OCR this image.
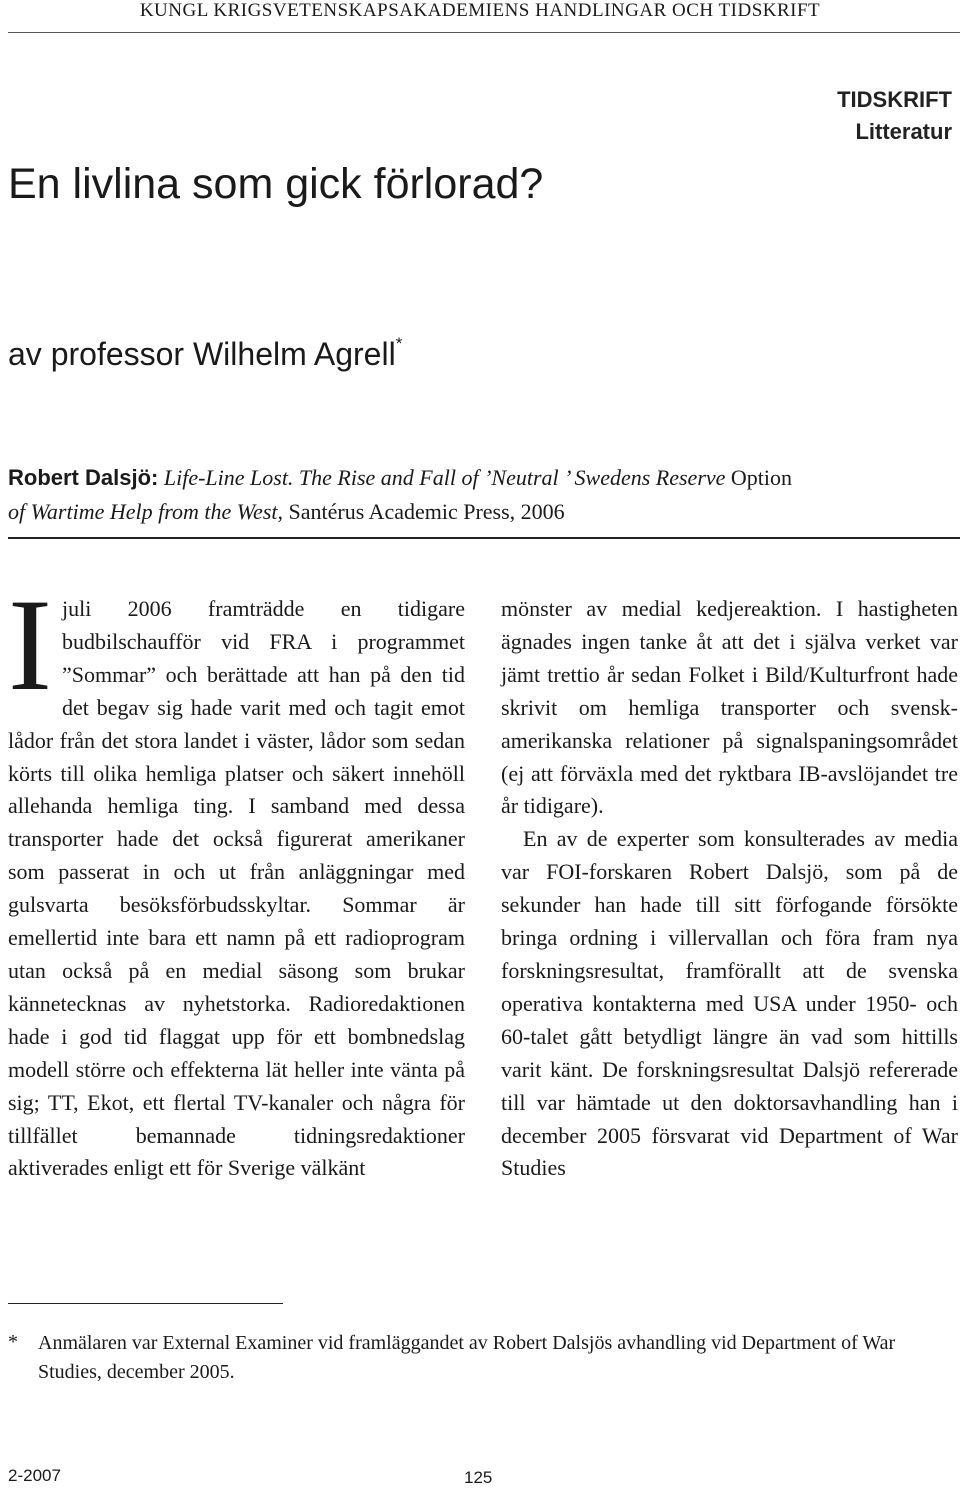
KUNGL KRIGSVETENSKAPSAKADEMIENS HANDLINGAR OCH TIDSKRIFT
TIDSKRIFT
Litteratur
En livlina som gick förlorad?
av professor Wilhelm Agrell*
Robert Dalsjö: Life-Line Lost. The Rise and Fall of ’Neutral ’ Swedens Reserve Option
of Wartime Help from the West, Santérus Academic Press, 2006
I juli 2006 framträdde en tidigare budbilschaufför vid FRA i programmet ”Sommar” och berättade att han på den tid det begav sig hade varit med och tagit emot lådor från det stora landet i väster, lådor som sedan körts till olika hemliga platser och säkert innehöll allehanda hemliga ting. I samband med dessa transporter hade det också figurerat amerikaner som passerat in och ut från anläggningar med gulsvarta besöksförbudsskyltar. Sommar är emellertid inte bara ett namn på ett radioprogram utan också på en medial säsong som brukar kännetecknas av nyhetstorka. Radioredaktionen hade i god tid flaggat upp för ett bombnedslag modell större och effekterna lät heller inte vänta på sig; TT, Ekot, ett flertal TV-kanaler och några för tillfället bemannade tidningsredaktioner aktiverades enligt ett för Sverige välkänt

mönster av medial kedjereaktion. I hastigheten ägnades ingen tanke åt att det i själva verket var jämt trettio år sedan Folket i Bild/Kulturfront hade skrivit om hemliga transporter och svensk-amerikanska relationer på signalspaningsområdet (ej att förväxla med det ryktbara IB-avslöjandet tre år tidigare).

En av de experter som konsulterades av media var FOI-forskaren Robert Dalsjö, som på de sekunder han hade till sitt förfogande försökte bringa ordning i villervallan och föra fram nya forskningsresultat, framförallt att de svenska operativa kontakterna med USA under 1950- och 60-talet gått betydligt längre än vad som hittills varit känt. De forskningsresultat Dalsjö refererade till var hämtade ut den doktorsavhandling han i december 2005 försvarat vid Department of War Studies

* Anmälaren var External Examiner vid framläggandet av Robert Dalsjös avhandling vid Department of War Studies, december 2005.
2-2007	125
